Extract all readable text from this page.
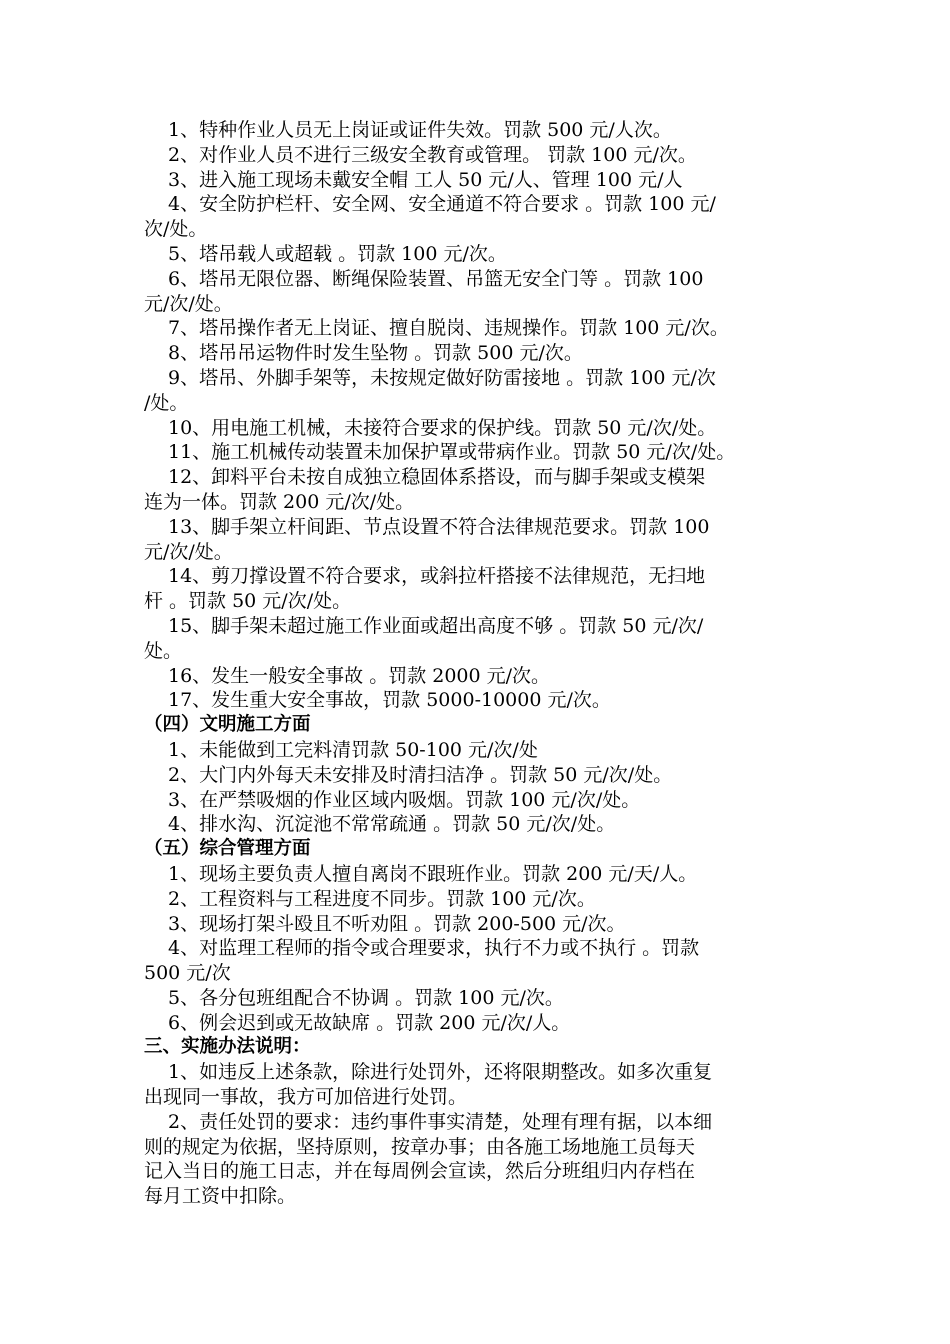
1、特种作业人员无上岗证或证件失效。罚款 500 元/人次。
2、对作业人员不进行三级安全教育或管理。 罚款 100 元/次。
3、进入施工现场未戴安全帽 工人 50 元/人、管理 100 元/人
4、安全防护栏杆、安全网、安全通道不符合要求 。罚款 100 元/
次/处。
5、塔吊载人或超载 。罚款 100 元/次。
6、塔吊无限位器、断绳保险装置、吊篮无安全门等 。罚款 100
元/次/处。
7、塔吊操作者无上岗证、擅自脱岗、违规操作。罚款 100 元/次。
8、塔吊吊运物件时发生坠物 。罚款 500 元/次。
9、塔吊、外脚手架等，未按规定做好防雷接地 。罚款 100 元/次
/处。
10、用电施工机械，未接符合要求的保护线。罚款 50 元/次/处。
11、施工机械传动装置未加保护罩或带病作业。罚款 50 元/次/处。
12、卸料平台未按自成独立稳固体系搭设，而与脚手架或支模架
连为一体。罚款 200 元/次/处。
13、脚手架立杆间距、节点设置不符合法律规范要求。罚款 100
元/次/处。
14、剪刀撑设置不符合要求，或斜拉杆搭接不法律规范，无扫地
杆 。罚款 50 元/次/处。
15、脚手架未超过施工作业面或超出高度不够 。罚款 50 元/次/
处。
16、发生一般安全事故 。罚款 2000 元/次。
17、发生重大安全事故，罚款 5000-10000 元/次。
（四）文明施工方面
1、未能做到工完料清罚款 50-100 元/次/处
2、大门内外每天未安排及时清扫洁净 。罚款 50 元/次/处。
3、在严禁吸烟的作业区域内吸烟。罚款 100 元/次/处。
4、排水沟、沉淀池不常常疏通 。罚款 50 元/次/处。
（五）综合管理方面
1、现场主要负责人擅自离岗不跟班作业。罚款 200 元/天/人。
2、工程资料与工程进度不同步。罚款 100 元/次。
3、现场打架斗殴且不听劝阻 。罚款 200-500 元/次。
4、对监理工程师的指令或合理要求，执行不力或不执行 。罚款
500 元/次
5、各分包班组配合不协调 。罚款 100 元/次。
6、例会迟到或无故缺席 。罚款 200 元/次/人。
三、实施办法说明：
1、如违反上述条款，除进行处罚外，还将限期整改。如多次重复
出现同一事故，我方可加倍进行处罚。
2、责任处罚的要求：违约事件事实清楚，处理有理有据，以本细
则的规定为依据，坚持原则，按章办事；由各施工场地施工员每天
记入当日的施工日志，并在每周例会宣读，然后分班组归内存档在
每月工资中扣除。
